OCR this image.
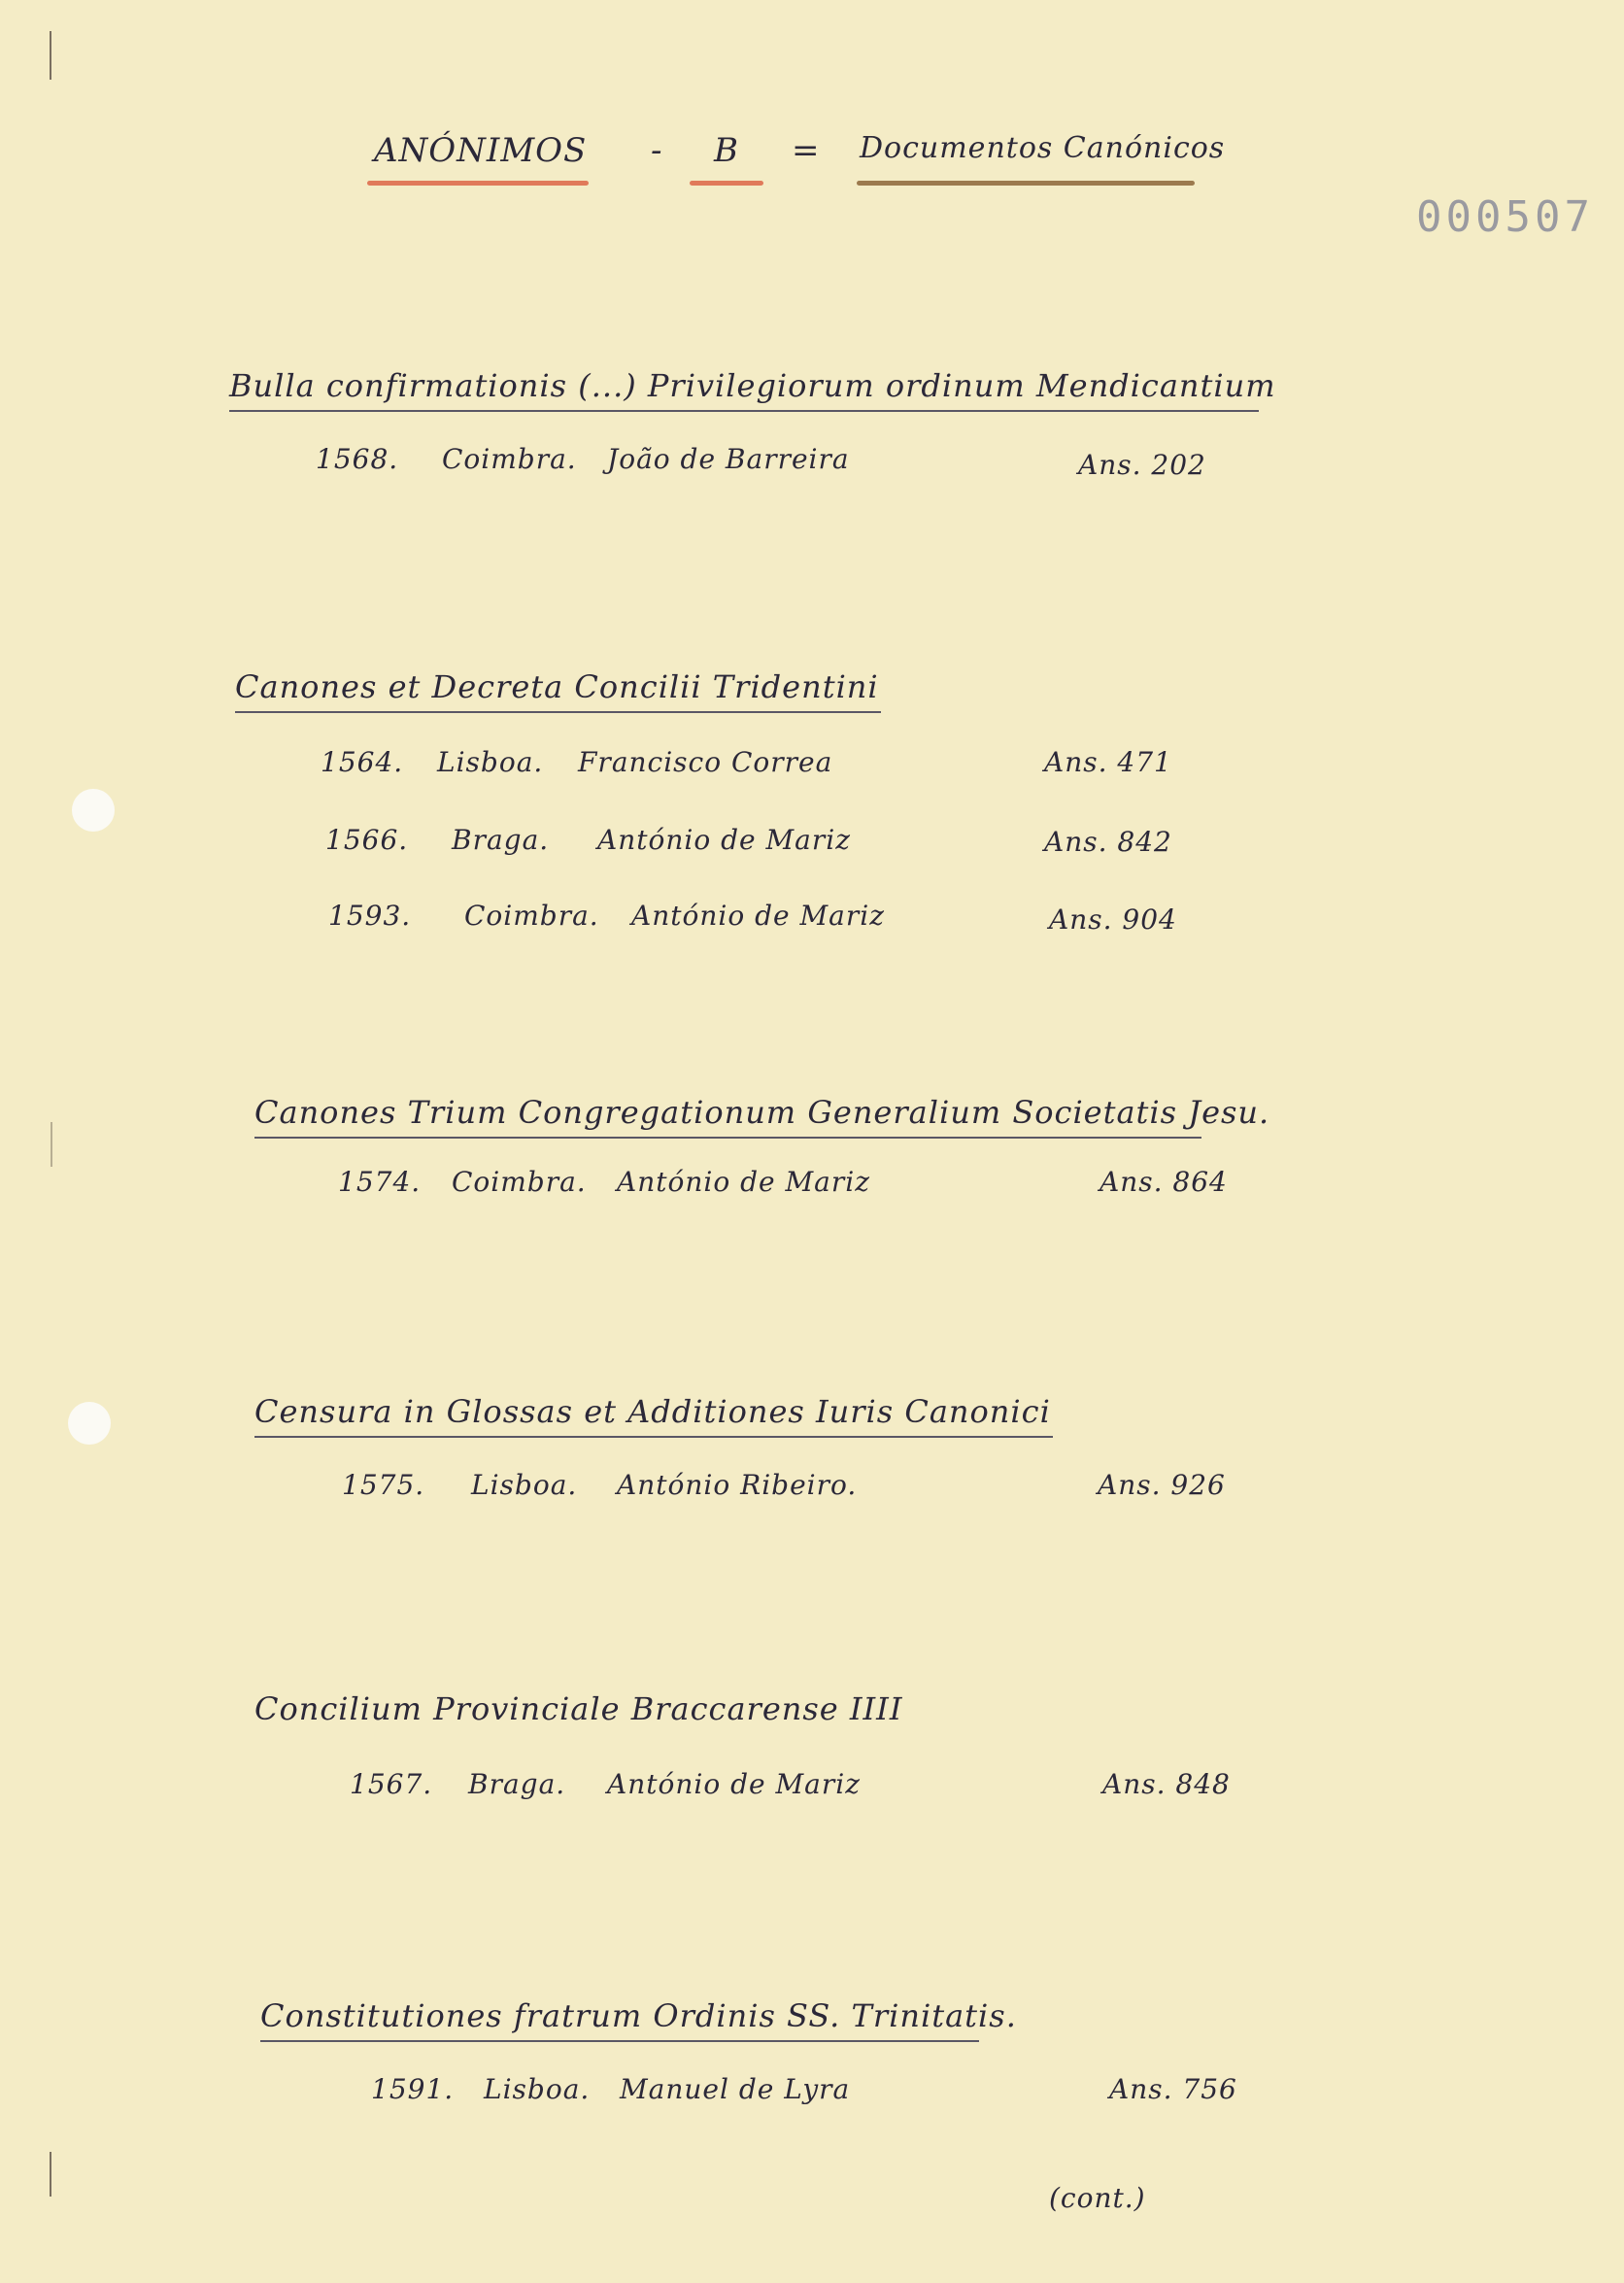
ANÓNIMOS - B = Documentos Canónicos
000507
Bulla confirmationis (...) Privilegiorum ordinum Mendicantium
1568. Coimbra. João de Barreira	Ans. 202
Canones et Decreta Concilii Tridentini
1564. Lisboa. Francisco Correa	Ans. 471
1566. Braga. António de Mariz	Ans. 842
1593. Coimbra. António de Mariz	Ans. 904
Canones Trium Congregationum Generalium Societatis Jesu.
1574. Coimbra. António de Mariz	Ans. 864
Censura in Glossas et Additiones Iuris Canonici
1575. Lisboa. António Ribeiro.	Ans. 926
Concilium Provinciale Braccarense IIII
1567. Braga. António de Mariz	Ans. 848
Constitutiones fratrum Ordinis SS. Trinitatis.
1591. Lisboa. Manuel de Lyra	Ans. 756
(cont.)
